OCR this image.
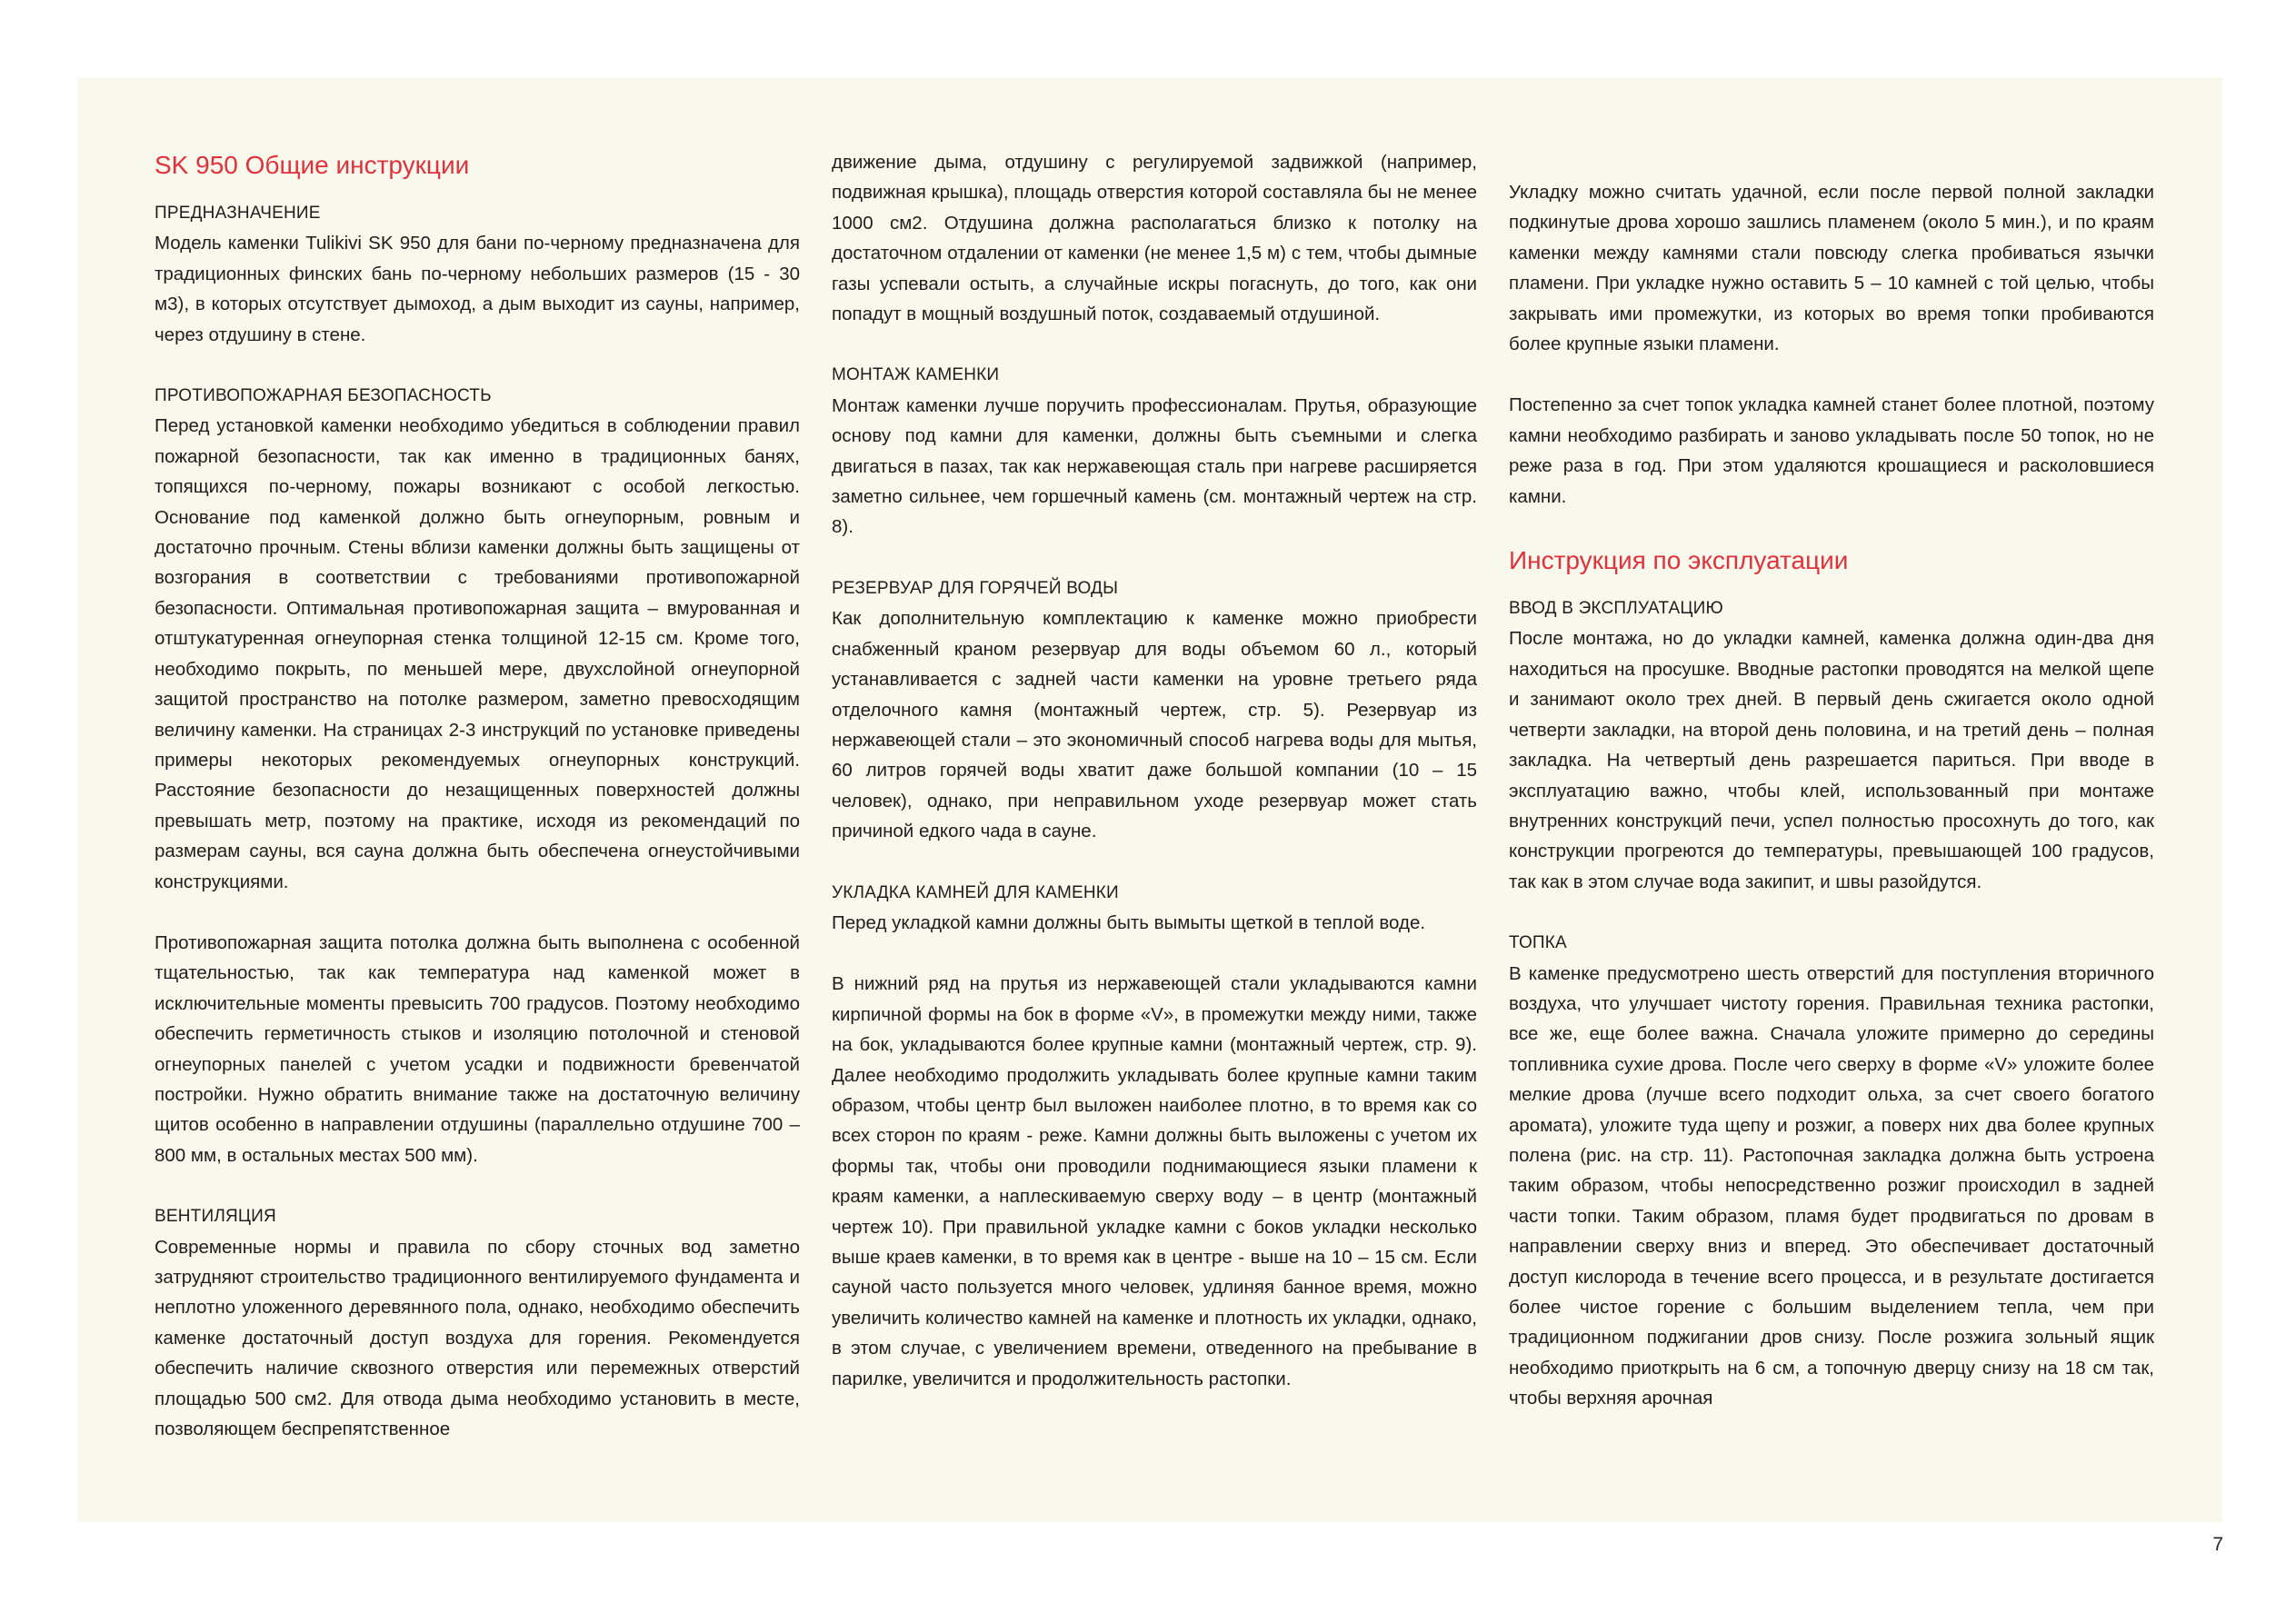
SK 950 Общие инструкции
ПРЕДНАЗНАЧЕНИЕ

Модель каменки Tulikivi SK 950 для бани по-черному предназначена для традиционных финских бань по-черному небольших размеров (15 - 30 м3), в которых отсутствует дымоход, а дым выходит из сауны, например, через отдушину в стене.

ПРОТИВОПОЖАРНАЯ БЕЗОПАСНОСТЬ

Перед установкой каменки необходимо убедиться в соблюдении правил пожарной безопасности, так как именно в традиционных банях, топящихся по-черному, пожары возникают с особой легкостью. Основание под каменкой должно быть огнеупорным, ровным и достаточно прочным. Стены вблизи каменки должны быть защищены от возгорания в соответствии с требованиями противопожарной безопасности. Оптимальная противопожарная защита – вмурованная и отштукатуренная огнеупорная стенка толщиной 12-15 см. Кроме того, необходимо покрыть, по меньшей мере, двухслойной огнеупорной защитой пространство на потолке размером, заметно превосходящим величину каменки. На страницах 2-3 инструкций по установке приведены примеры некоторых рекомендуемых огнеупорных конструкций. Расстояние безопасности до незащищенных поверхностей должны превышать метр, поэтому на практике, исходя из рекомендаций по размерам сауны, вся сауна должна быть обеспечена огнеустойчивыми конструкциями.

Противопожарная защита потолка должна быть выполнена с особенной тщательностью, так как температура над каменкой может в исключительные моменты превысить 700 градусов. Поэтому необходимо обеспечить герметичность стыков и изоляцию потолочной и стеновой огнеупорных панелей с учетом усадки и подвижности бревенчатой постройки. Нужно обратить внимание также на достаточную величину щитов особенно в направлении отдушины (параллельно отдушине 700 – 800 мм, в остальных местах 500 мм).

ВЕНТИЛЯЦИЯ

Современные нормы и правила по сбору сточных вод заметно затрудняют строительство традиционного вентилируемого фундамента и неплотно уложенного деревянного пола, однако, необходимо обеспечить каменке достаточный доступ воздуха для горения. Рекомендуется обеспечить наличие сквозного отверстия или перемежных отверстий площадью 500 см2. Для отвода дыма необходимо установить в месте, позволяющем беспрепятственное

движение дыма, отдушину с регулируемой задвижкой (например, подвижная крышка), площадь отверстия которой составляла бы не менее 1000 см2. Отдушина должна располагаться близко к потолку на достаточном отдалении от каменки (не менее 1,5 м) с тем, чтобы дымные газы успевали остыть, а случайные искры погаснуть, до того, как они попадут в мощный воздушный поток, создаваемый отдушиной.

МОНТАЖ КАМЕНКИ

Монтаж каменки лучше поручить профессионалам. Прутья, образующие основу под камни для каменки, должны быть съемными и слегка двигаться в пазах, так как нержавеющая сталь при нагреве расширяется заметно сильнее, чем горшечный камень (см. монтажный чертеж на стр. 8).

РЕЗЕРВУАР ДЛЯ ГОРЯЧЕЙ ВОДЫ

Как дополнительную комплектацию к каменке можно приобрести снабженный краном резервуар для воды объемом 60 л., который устанавливается с задней части каменки на уровне третьего ряда отделочного камня (монтажный чертеж, стр. 5). Резервуар из нержавеющей стали – это экономичный способ нагрева воды для мытья, 60 литров горячей воды хватит даже большой компании (10 – 15 человек), однако, при неправильном уходе резервуар может стать причиной едкого чада в сауне.

УКЛАДКА КАМНЕЙ ДЛЯ КАМЕНКИ

Перед укладкой камни должны быть вымыты щеткой в теплой воде.

В нижний ряд на прутья из нержавеющей стали укладываются камни кирпичной формы на бок в форме «V», в промежутки между ними, также на бок, укладываются более крупные камни (монтажный чертеж, стр. 9). Далее необходимо продолжить укладывать более крупные камни таким образом, чтобы центр был выложен наиболее плотно, в то время как со всех сторон по краям - реже. Камни должны быть выложены с учетом их формы так, чтобы они проводили поднимающиеся языки пламени к краям каменки, а наплескиваемую сверху воду – в центр (монтажный чертеж 10). При правильной укладке камни с боков укладки несколько выше краев каменки, в то время как в центре - выше на 10 – 15 см. Если сауной часто пользуется много человек, удлиняя банное время, можно увеличить количество камней на каменке и плотность их укладки, однако, в этом случае, с увеличением времени, отведенного на пребывание в парилке, увеличится и продолжительность растопки.

Укладку можно считать удачной, если после первой полной закладки подкинутые дрова хорошо зашлись пламенем (около 5 мин.), и по краям каменки между камнями стали повсюду слегка пробиваться язычки пламени. При укладке нужно оставить 5 – 10 камней с той целью, чтобы закрывать ими промежутки, из которых во время топки пробиваются более крупные языки пламени.

Постепенно за счет топок укладка камней станет более плотной, поэтому камни необходимо разбирать и заново укладывать после 50 топок, но не реже раза в год. При этом удаляются крошащиеся и расколовшиеся камни.

Инструкция по эксплуатации
ВВОД В ЭКСПЛУАТАЦИЮ

После монтажа, но до укладки камней, каменка должна один-два дня находиться на просушке. Вводные растопки проводятся на мелкой щепе и занимают около трех дней. В первый день сжигается около одной четверти закладки, на второй день половина, и на третий день – полная закладка. На четвертый день разрешается париться. При вводе в эксплуатацию важно, чтобы клей, использованный при монтаже внутренних конструкций печи, успел полностью просохнуть до того, как конструкции прогреются до температуры, превышающей 100 градусов, так как в этом случае вода закипит, и швы разойдутся.

ТОПКА

В каменке предусмотрено шесть отверстий для поступления вторичного воздуха, что улучшает чистоту горения. Правильная техника растопки, все же, еще более важна. Сначала уложите примерно до середины топливника сухие дрова. После чего сверху в форме «V» уложите более мелкие дрова (лучше всего подходит ольха, за счет своего богатого аромата), уложите туда щепу и розжиг, а поверх них два более крупных полена (рис. на стр. 11). Растопочная закладка должна быть устроена таким образом, чтобы непосредственно розжиг происходил в задней части топки. Таким образом, пламя будет продвигаться по дровам в направлении сверху вниз и вперед. Это обеспечивает достаточный доступ кислорода в течение всего процесса, и в результате достигается более чистое горение с большим выделением тепла, чем при традиционном поджигании дров снизу. После розжига зольный ящик необходимо приоткрыть на 6 см, а топочную дверцу снизу на 18 см так, чтобы верхняя арочная

7
